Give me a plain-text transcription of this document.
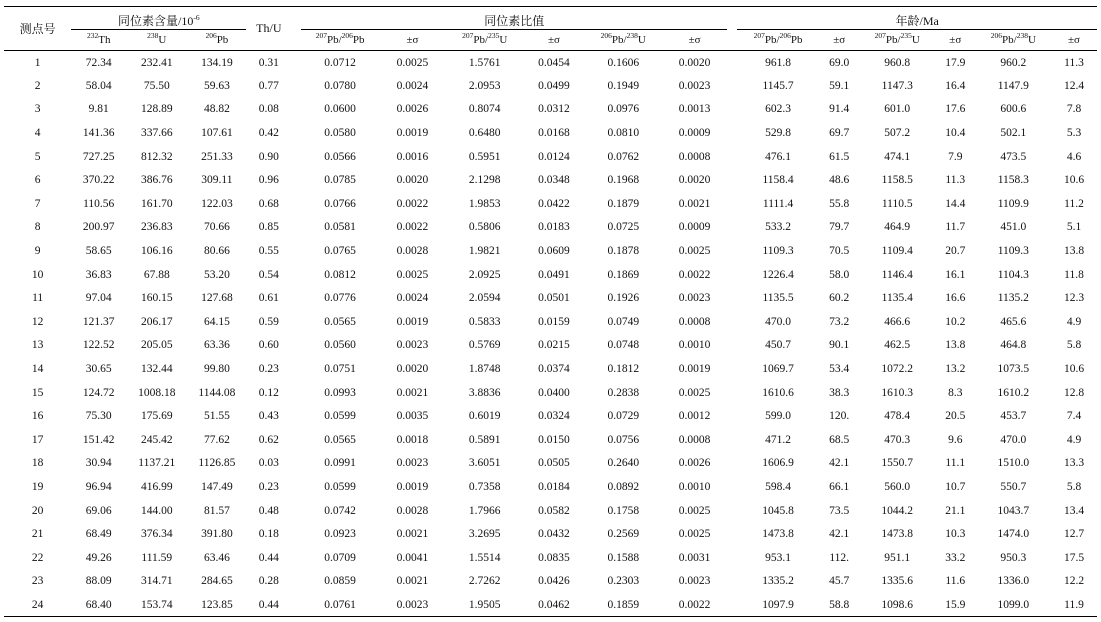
测点号	同位素含量$/10^{-6}$			Th/U		同位素比值							年龄/Ma					
	$^{232}$Th	$^{238}$U	$^{206}$Pb			$^{207}$Pb/$^{206}$Pb	±σ	$^{207}$Pb/$^{235}$U	±σ	$^{206}$Pb/$^{238}$U	±σ		$^{207}$Pb/$^{206}$Pb	±σ	$^{207}$Pb/$^{235}$U	±σ	$^{206}$Pb/$^{238}$U	±σ
1	72.34	232.41	134.19	0.31		0.0712	0.0025	1.5761	0.0454	0.1606	0.0020		961.8	69.0	960.8	17.9	960.2	11.3
2	58.04	75.50	59.63	0.77		0.0780	0.0024	2.0953	0.0499	0.1949	0.0023		1145.7	59.1	1147.3	16.4	1147.9	12.4
3	9.81	128.89	48.82	0.08		0.0600	0.0026	0.8074	0.0312	0.0976	0.0013		602.3	91.4	601.0	17.6	600.6	7.8
4	141.36	337.66	107.61	0.42		0.0580	0.0019	0.6480	0.0168	0.0810	0.0009		529.8	69.7	507.2	10.4	502.1	5.3
5	727.25	812.32	251.33	0.90		0.0566	0.0016	0.5951	0.0124	0.0762	0.0008		476.1	61.5	474.1	7.9	473.5	4.6
6	370.22	386.76	309.11	0.96		0.0785	0.0020	2.1298	0.0348	0.1968	0.0020		1158.4	48.6	1158.5	11.3	1158.3	10.6
7	110.56	161.70	122.03	0.68		0.0766	0.0022	1.9853	0.0422	0.1879	0.0021		1111.4	55.8	1110.5	14.4	1109.9	11.2
8	200.97	236.83	70.66	0.85		0.0581	0.0022	0.5806	0.0183	0.0725	0.0009		533.2	79.7	464.9	11.7	451.0	5.1
9	58.65	106.16	80.66	0.55		0.0765	0.0028	1.9821	0.0609	0.1878	0.0025		1109.3	70.5	1109.4	20.7	1109.3	13.8
10	36.83	67.88	53.20	0.54		0.0812	0.0025	2.0925	0.0491	0.1869	0.0022		1226.4	58.0	1146.4	16.1	1104.3	11.8
11	97.04	160.15	127.68	0.61		0.0776	0.0024	2.0594	0.0501	0.1926	0.0023		1135.5	60.2	1135.4	16.6	1135.2	12.3
12	121.37	206.17	64.15	0.59		0.0565	0.0019	0.5833	0.0159	0.0749	0.0008		470.0	73.2	466.6	10.2	465.6	4.9
13	122.52	205.05	63.36	0.60		0.0560	0.0023	0.5769	0.0215	0.0748	0.0010		450.7	90.1	462.5	13.8	464.8	5.8
14	30.65	132.44	99.80	0.23		0.0751	0.0020	1.8748	0.0374	0.1812	0.0019		1069.7	53.4	1072.2	13.2	1073.5	10.6
15	124.72	1008.18	1144.08	0.12		0.0993	0.0021	3.8836	0.0400	0.2838	0.0025		1610.6	38.3	1610.3	8.3	1610.2	12.8
16	75.30	175.69	51.55	0.43		0.0599	0.0035	0.6019	0.0324	0.0729	0.0012		599.0	120.	478.4	20.5	453.7	7.4
17	151.42	245.42	77.62	0.62		0.0565	0.0018	0.5891	0.0150	0.0756	0.0008		471.2	68.5	470.3	9.6	470.0	4.9
18	30.94	1137.21	1126.85	0.03		0.0991	0.0023	3.6051	0.0505	0.2640	0.0026		1606.9	42.1	1550.7	11.1	1510.0	13.3
19	96.94	416.99	147.49	0.23		0.0599	0.0019	0.7358	0.0184	0.0892	0.0010		598.4	66.1	560.0	10.7	550.7	5.8
20	69.06	144.00	81.57	0.48		0.0742	0.0028	1.7966	0.0582	0.1758	0.0025		1045.8	73.5	1044.2	21.1	1043.7	13.4
21	68.49	376.34	391.80	0.18		0.0923	0.0021	3.2695	0.0432	0.2569	0.0025		1473.8	42.1	1473.8	10.3	1474.0	12.7
22	49.26	111.59	63.46	0.44		0.0709	0.0041	1.5514	0.0835	0.1588	0.0031		953.1	112.	951.1	33.2	950.3	17.5
23	88.09	314.71	284.65	0.28		0.0859	0.0021	2.7262	0.0426	0.2303	0.0023		1335.2	45.7	1335.6	11.6	1336.0	12.2
24	68.40	153.74	123.85	0.44		0.0761	0.0023	1.9505	0.0462	0.1859	0.0022		1097.9	58.8	1098.6	15.9	1099.0	11.9
